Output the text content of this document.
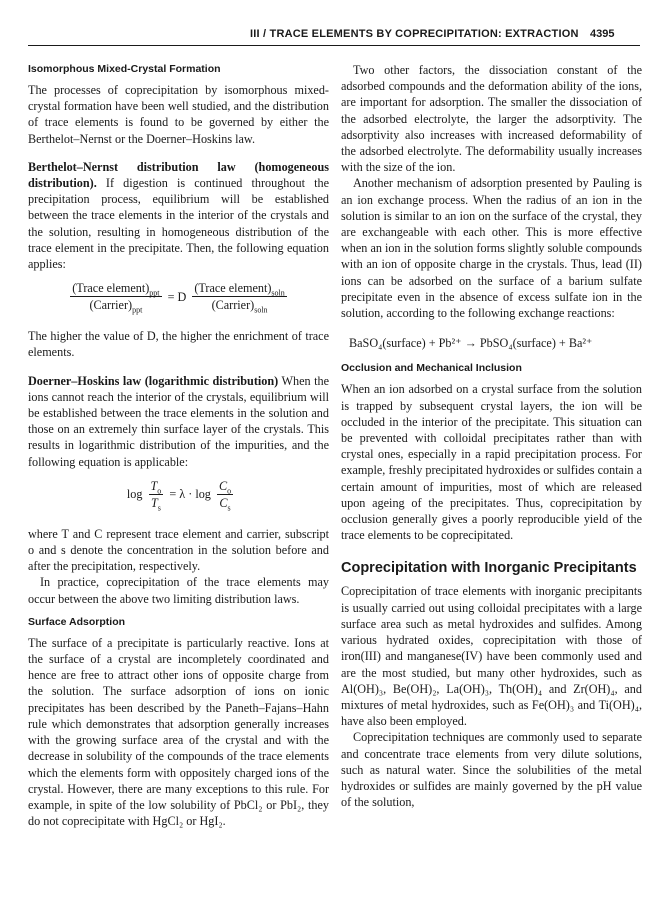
III / TRACE ELEMENTS BY COPRECIPITATION: EXTRACTION 4395
Isomorphous Mixed-Crystal Formation

The processes of coprecipitation by isomorphous mixed-crystal formation have been well studied, and the distribution of trace elements is found to be governed by either the Berthelot–Nernst or the Doerner–Hoskins law.

Berthelot–Nernst distribution law (homogeneous distribution). If digestion is continued throughout the precipitation process, equilibrium will be established between the trace elements in the interior of the crystals and the solution, resulting in homogeneous distribution of the trace element in the precipitate. Then, the following equation applies:

$\frac{(Trace element)_{ppt}}{(Carrier)_{ppt}} = D \frac{(Trace element)_{soln}}{(Carrier)_{soln}}$

The higher the value of D, the higher the enrichment of trace elements.

Doerner–Hoskins law (logarithmic distribution) When the ions cannot reach the interior of the crystals, equilibrium will be established between the trace elements in the solution and those on an extremely thin surface layer of the crystals. This results in logarithmic distribution of the impurities, and the following equation is applicable:

$\log \frac{T_o}{T_s} = \lambda \cdot \log \frac{C_o}{C_s}$

where T and C represent trace element and carrier, subscript o and s denote the concentration in the solution before and after the precipitation, respectively.

In practice, coprecipitation of the trace elements may occur between the above two limiting distribution laws.

Surface Adsorption

The surface of a precipitate is particularly reactive. Ions at the surface of a crystal are incompletely coordinated and hence are free to attract other ions of opposite charge from the solution. The surface adsorption of ions on ionic precipitates has been described by the Paneth–Fajans–Hahn rule which demonstrates that adsorption generally increases with the growing surface area of the crystal and with the decrease in solubility of the compounds of the trace elements which the elements form with oppositely charged ions of the crystal. However, there are many exceptions to this rule. For example, in spite of the low solubility of PbCl₂ or PbI₂, they do not coprecipitate with HgCl₂ or HgI₂.

Two other factors, the dissociation constant of the adsorbed compounds and the deformation ability of the ions, are important for adsorption. The smaller the dissociation of the adsorbed electrolyte, the larger the adsorptivity. The adsorptivity also increases with increased deformability of the adsorbed electrolyte. The deformability usually increases with the size of the ion.

Another mechanism of adsorption presented by Pauling is an ion exchange process. When the radius of an ion in the solution is similar to an ion on the surface of the crystal, they are exchangeable with each other. This is more effective when an ion in the solution forms slightly soluble compounds with an ion of opposite charge in the crystals. Thus, lead (II) ions can be adsorbed on the surface of a barium sulfate precipitate even in the absence of excess sulfate ion in the solution, according to the following exchange reactions:

BaSO₄(surface) + Pb²⁺ → PbSO₄(surface) + Ba²⁺

Occlusion and Mechanical Inclusion

When an ion adsorbed on a crystal surface from the solution is trapped by subsequent crystal layers, the ion will be occluded in the interior of the precipitate. This situation can be prevented with colloidal precipitates rather than with crystal ones, especially in a rapid precipitation process. For example, freshly precipitated hydroxides or sulfides contain a certain amount of impurities, most of which are released upon ageing of the precipitates. Thus, coprecipitation by occlusion generally gives a poorly reproducible yield of the trace elements to be coprecipitated.

Coprecipitation with Inorganic Precipitants

Coprecipitation of trace elements with inorganic precipitants is usually carried out using colloidal precipitates with a large surface area such as metal hydroxides and sulfides. Among various hydrated oxides, coprecipitation with those of iron(III) and manganese(IV) have been commonly used and are the most studied, but many other hydroxides, such as Al(OH)₃, Be(OH)₂, La(OH)₃, Th(OH)₄ and Zr(OH)₄, and mixtures of metal hydroxides, such as Fe(OH)₃ and Ti(OH)₄, have also been employed.

Coprecipitation techniques are commonly used to separate and concentrate trace elements from very dilute solutions, such as natural water. Since the solubilities of the metal hydroxides or sulfides are mainly governed by the pH value of the solution,
